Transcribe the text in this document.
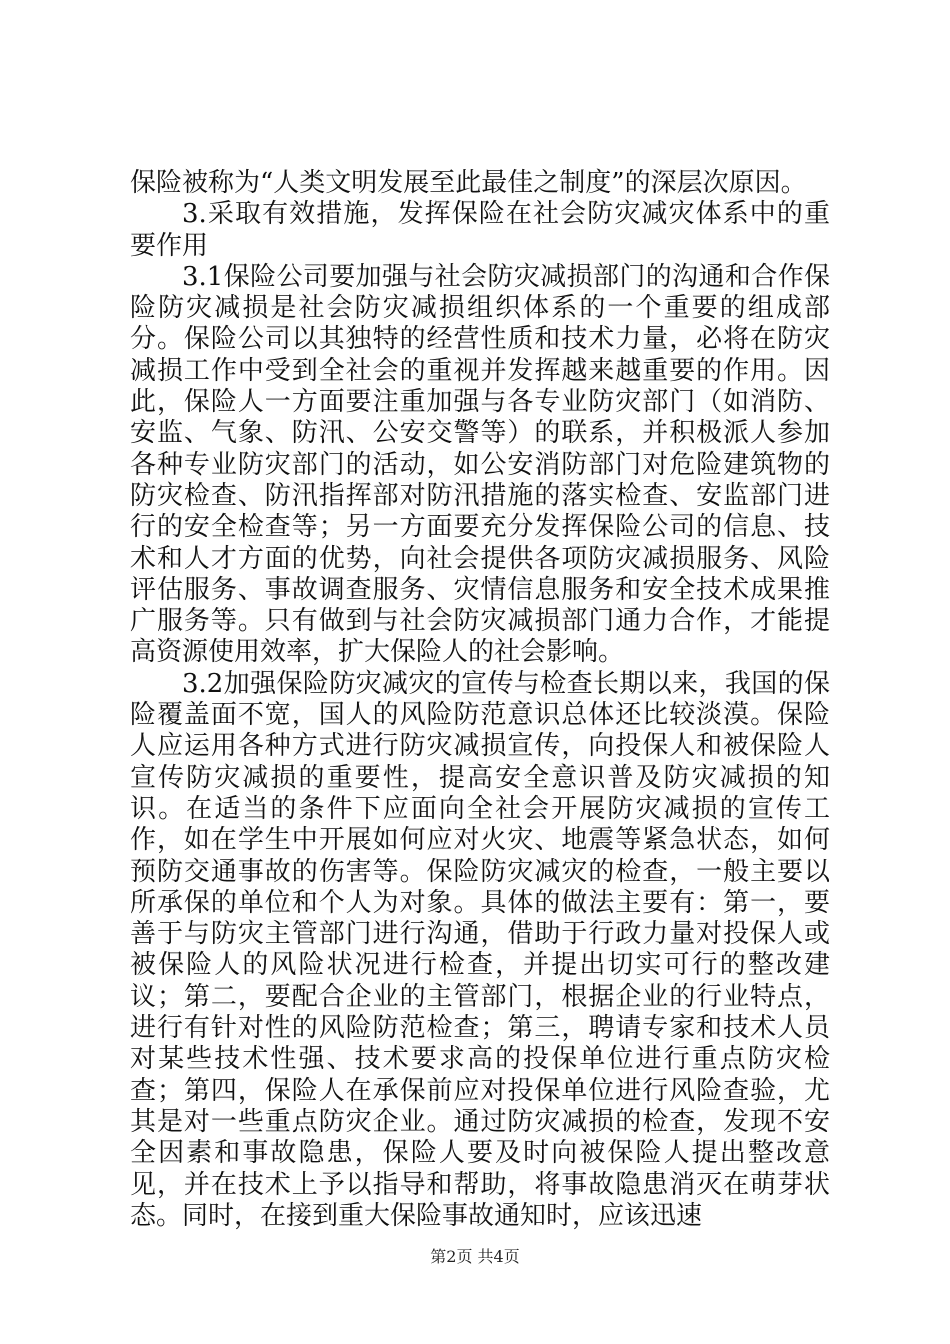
保险被称为“人类文明发展至此最佳之制度”的深层次原因。

3.采取有效措施，发挥保险在社会防灾减灾体系中的重要作用

3.1保险公司要加强与社会防灾减损部门的沟通和合作保险防灾减损是社会防灾减损组织体系的一个重要的组成部分。保险公司以其独特的经营性质和技术力量，必将在防灾减损工作中受到全社会的重视并发挥越来越重要的作用。因此，保险人一方面要注重加强与各专业防灾部门（如消防、安监、气象、防汛、公安交警等）的联系，并积极派人参加各种专业防灾部门的活动，如公安消防部门对危险建筑物的防灾检查、防汛指挥部对防汛措施的落实检查、安监部门进行的安全检查等；另一方面要充分发挥保险公司的信息、技术和人才方面的优势，向社会提供各项防灾减损服务、风险评估服务、事故调查服务、灾情信息服务和安全技术成果推广服务等。只有做到与社会防灾减损部门通力合作，才能提高资源使用效率，扩大保险人的社会影响。

3.2加强保险防灾减灾的宣传与检查长期以来，我国的保险覆盖面不宽，国人的风险防范意识总体还比较淡漠。保险人应运用各种方式进行防灾减损宣传，向投保人和被保险人宣传防灾减损的重要性，提高安全意识普及防灾减损的知识。在适当的条件下应面向全社会开展防灾减损的宣传工作，如在学生中开展如何应对火灾、地震等紧急状态，如何预防交通事故的伤害等。保险防灾减灾的检查，一般主要以所承保的单位和个人为对象。具体的做法主要有：第一，要善于与防灾主管部门进行沟通，借助于行政力量对投保人或被保险人的风险状况进行检查，并提出切实可行的整改建议；第二，要配合企业的主管部门，根据企业的行业特点，进行有针对性的风险防范检查；第三，聘请专家和技术人员对某些技术性强、技术要求高的投保单位进行重点防灾检查；第四，保险人在承保前应对投保单位进行风险查验，尤其是对一些重点防灾企业。通过防灾减损的检查，发现不安全因素和事故隐患，保险人要及时向被保险人提出整改意见，并在技术上予以指导和帮助，将事故隐患消灭在萌芽状态。同时，在接到重大保险事故通知时，应该迅速

第2页 共4页
